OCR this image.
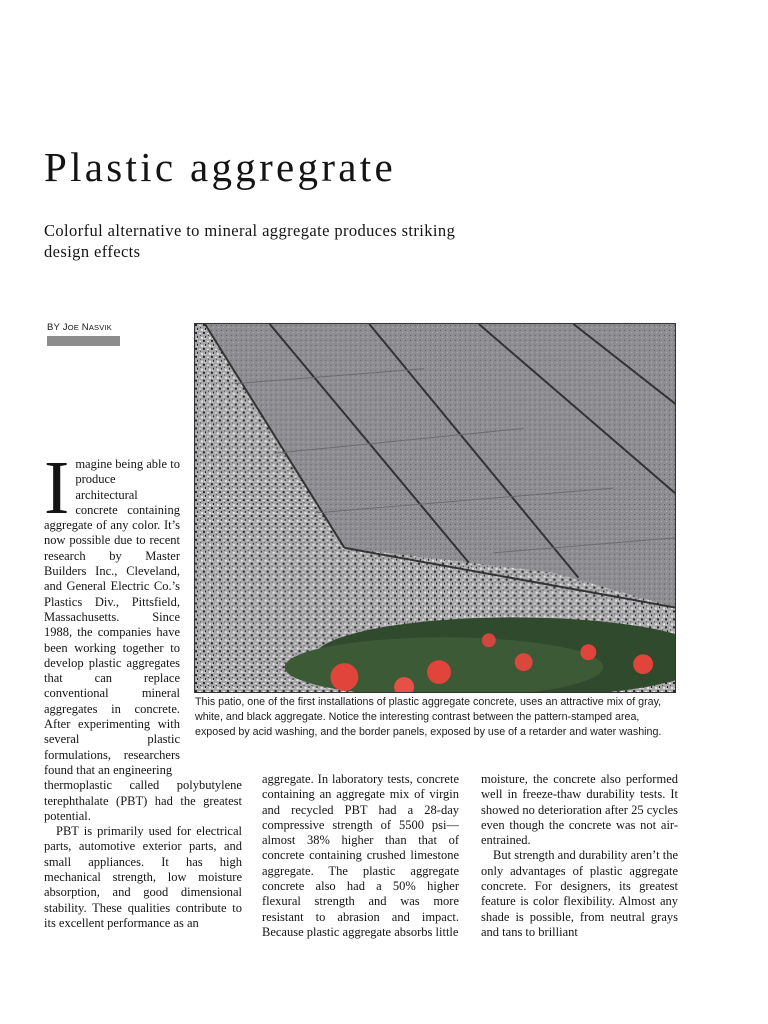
Plastic aggregrate

Colorful alternative to mineral aggregate produces striking design effects

BY JOE NASVIK

This patio, one of the first installations of plastic aggregate concrete, uses an attractive mix of gray, white, and black aggregate. Notice the interesting contrast between the pattern-stamped area, exposed by acid washing, and the border panels, exposed by use of a retarder and water washing.

Imagine being able to produce architectural concrete containing aggregate of any color. It’s now possible due to recent research by Master Builders Inc., Cleveland, and General Electric Co.’s Plastics Div., Pittsfield, Massachusetts. Since 1988, the companies have been working together to develop plastic aggregates that can replace conventional mineral aggregates in concrete. After experimenting with several plastic formulations, researchers found that an engineering
thermoplastic called polybutylene terephthalate (PBT) had the greatest potential.

PBT is primarily used for electrical parts, automotive exterior parts, and small appliances. It has high mechanical strength, low moisture absorption, and good dimensional stability. These qualities contribute to its excellent performance as an

aggregate. In laboratory tests, concrete containing an aggregate mix of virgin and recycled PBT had a 28-day compressive strength of 5500 psi—almost 38% higher than that of concrete containing crushed limestone aggregate. The plastic aggregate concrete also had a 50% higher flexural strength and was more resistant to abrasion and impact. Because plastic aggregate absorbs little

moisture, the concrete also performed well in freeze-thaw durability tests. It showed no deterioration after 25 cycles even though the concrete was not air-entrained.

But strength and durability aren’t the only advantages of plastic aggregate concrete. For designers, its greatest feature is color flexibility. Almost any shade is possible, from neutral grays and tans to brilliant
